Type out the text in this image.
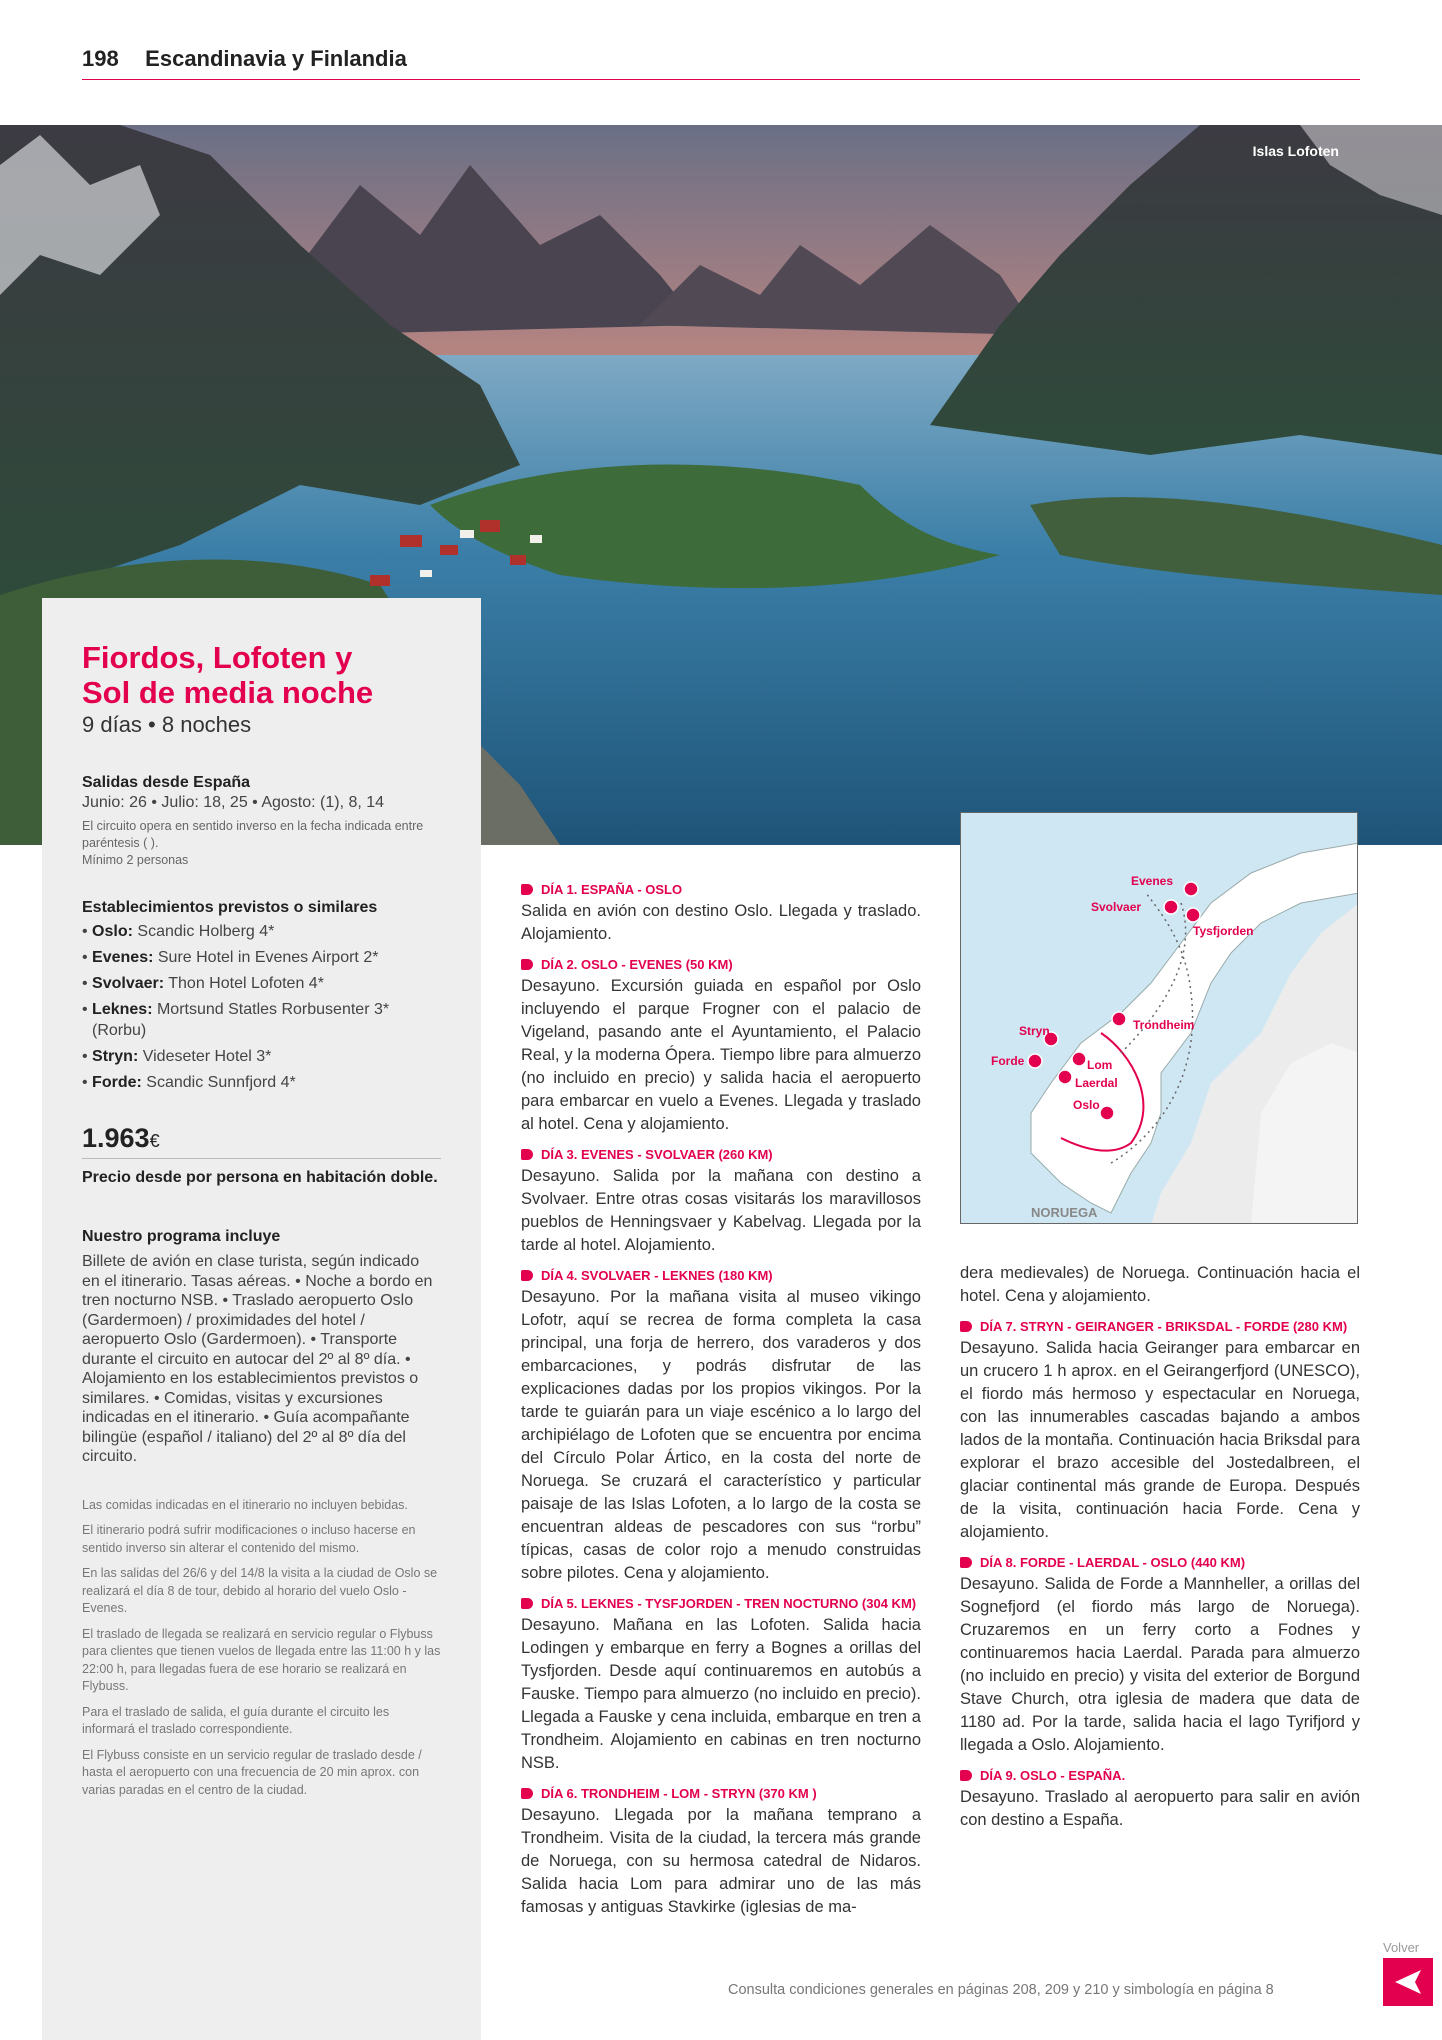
198 Escandinavia y Finlandia
Islas Lofoten
Fiordos, Lofoten y
Sol de media noche
9 días • 8 noches
Salidas desde España
Junio: 26 • Julio: 18, 25 • Agosto: (1), 8, 14
El circuito opera en sentido inverso en la fecha indicada entre paréntesis ( ).
Mínimo 2 personas
Establecimientos previstos o similares
• Oslo: Scandic Holberg 4*
• Evenes: Sure Hotel in Evenes Airport 2*
• Svolvaer: Thon Hotel Lofoten 4*
• Leknes: Mortsund Statles Rorbusenter 3* (Rorbu)
• Stryn: Videseter Hotel 3*
• Forde: Scandic Sunnfjord 4*
1.963€
Precio desde por persona en habitación doble.
Nuestro programa incluye
Billete de avión en clase turista, según indicado en el itinerario. Tasas aéreas. • Noche a bordo en tren nocturno NSB. • Traslado aeropuerto Oslo (Gardermoen) / proximidades del hotel / aeropuerto Oslo (Gardermoen). • Transporte durante el circuito en autocar del 2º al 8º día. • Alojamiento en los establecimientos previstos o similares. • Comidas, visitas y excursiones indicadas en el itinerario. • Guía acompañante bilingüe (español / italiano) del 2º al 8º día del circuito.

Las comidas indicadas en el itinerario no incluyen bebidas.

El itinerario podrá sufrir modificaciones o incluso hacerse en sentido inverso sin alterar el contenido del mismo.

En las salidas del 26/6 y del 14/8 la visita a la ciudad de Oslo se realizará el día 8 de tour, debido al horario del vuelo Oslo - Evenes.

El traslado de llegada se realizará en servicio regular o Flybuss para clientes que tienen vuelos de llegada entre las 11:00 h y las 22:00 h, para llegadas fuera de ese horario se realizará en Flybuss.

Para el traslado de salida, el guía durante el circuito les informará el traslado correspondiente.

El Flybuss consiste en un servicio regular de traslado desde / hasta el aeropuerto con una frecuencia de 20 min aprox. con varias paradas en el centro de la ciudad.

DÍA 1. ESPAÑA - OSLO
Salida en avión con destino Oslo. Llegada y traslado. Alojamiento.
DÍA 2. OSLO - EVENES (50 KM)
Desayuno. Excursión guiada en español por Oslo incluyendo el parque Frogner con el palacio de Vigeland, pasando ante el Ayuntamiento, el Palacio Real, y la moderna Ópera. Tiempo libre para almuerzo (no incluido en precio) y salida hacia el aeropuerto para embarcar en vuelo a Evenes. Llegada y traslado al hotel. Cena y alojamiento.
DÍA 3. EVENES - SVOLVAER (260 KM)
Desayuno. Salida por la mañana con destino a Svolvaer. Entre otras cosas visitarás los maravillosos pueblos de Henningsvaer y Kabelvag. Llegada por la tarde al hotel. Alojamiento.
DÍA 4. SVOLVAER - LEKNES (180 KM)
Desayuno. Por la mañana visita al museo vikingo Lofotr, aquí se recrea de forma completa la casa principal, una forja de herrero, dos varaderos y dos embarcaciones, y podrás disfrutar de las explicaciones dadas por los propios vikingos. Por la tarde te guiarán para un viaje escénico a lo largo del archipiélago de Lofoten que se encuentra por encima del Círculo Polar Ártico, en la costa del norte de Noruega. Se cruzará el característico y particular paisaje de las Islas Lofoten, a lo largo de la costa se encuentran aldeas de pescadores con sus “rorbu” típicas, casas de color rojo a menudo construidas sobre pilotes. Cena y alojamiento.
DÍA 5. LEKNES - TYSFJORDEN - TREN NOCTURNO (304 KM)
Desayuno. Mañana en las Lofoten. Salida hacia Lodingen y embarque en ferry a Bognes a orillas del Tysfjorden. Desde aquí continuaremos en autobús a Fauske. Tiempo para almuerzo (no incluido en precio). Llegada a Fauske y cena incluida, embarque en tren a Trondheim. Alojamiento en cabinas en tren nocturno NSB.
DÍA 6. TRONDHEIM - LOM - STRYN (370 KM )
Desayuno. Llegada por la mañana temprano a Trondheim. Visita de la ciudad, la tercera más grande de Noruega, con su hermosa catedral de Nidaros. Salida hacia Lom para admirar uno de las más famosas y antiguas Stavkirke (iglesias de ma-
Evenes
Svolvaer
Tysfjorden
Trondheim
Stryn
Forde	Lom
Laerdal
Oslo
NORUEGA
dera medievales) de Noruega. Continuación hacia el hotel. Cena y alojamiento.
DÍA 7. STRYN - GEIRANGER - BRIKSDAL - FORDE (280 KM)
Desayuno. Salida hacia Geiranger para embarcar en un crucero 1 h aprox. en el Geirangerfjord (UNESCO), el fiordo más hermoso y espectacular en Noruega, con las innumerables cascadas bajando a ambos lados de la montaña. Continuación hacia Briksdal para explorar el brazo accesible del Jostedalbreen, el glaciar continental más grande de Europa. Después de la visita, continuación hacia Forde. Cena y alojamiento.
DÍA 8. FORDE - LAERDAL - OSLO (440 KM)
Desayuno. Salida de Forde a Mannheller, a orillas del Sognefjord (el fiordo más largo de Noruega). Cruzaremos en un ferry corto a Fodnes y continuaremos hacia Laerdal. Parada para almuerzo (no incluido en precio) y visita del exterior de Borgund Stave Church, otra iglesia de madera que data de 1180 ad. Por la tarde, salida hacia el lago Tyrifjord y llegada a Oslo. Alojamiento.
DÍA 9. OSLO - ESPAÑA.
Desayuno. Traslado al aeropuerto para salir en avión con destino a España.
Consulta condiciones generales en páginas 208, 209 y 210 y simbología en página 8
Volver
